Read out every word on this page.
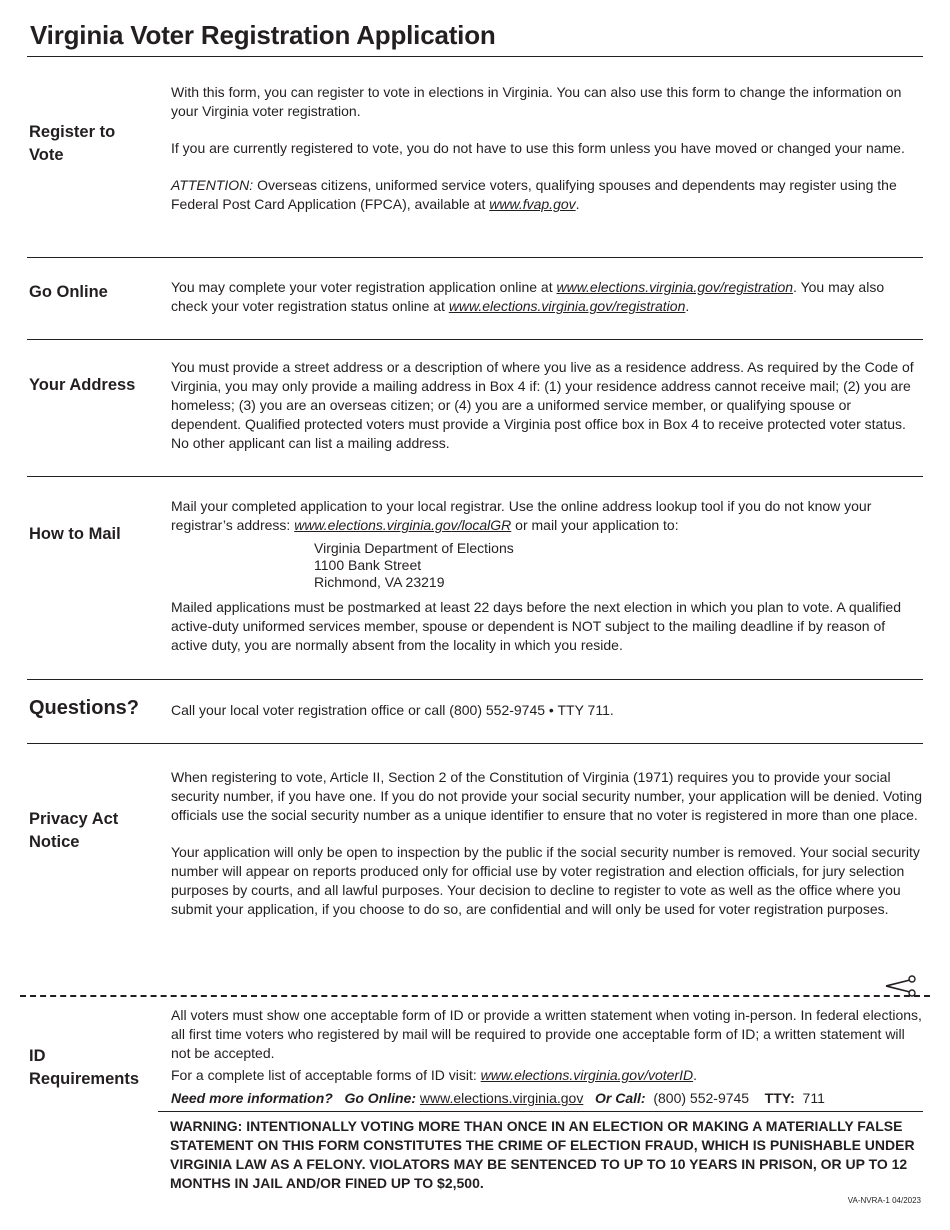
Virginia Voter Registration Application
Register to Vote

With this form, you can register to vote in elections in Virginia. You can also use this form to change the information on your Virginia voter registration.

If you are currently registered to vote, you do not have to use this form unless you have moved or changed your name.

ATTENTION: Overseas citizens, uniformed service voters, qualifying spouses and dependents may register using the Federal Post Card Application (FPCA), available at www.fvap.gov.

Go Online	You may complete your voter registration application online at www.elections.virginia.gov/registration. You may also check your voter registration status online at www.elections.virginia.gov/registration.

Your Address
You must provide a street address or a description of where you live as a residence address. As required by the Code of Virginia, you may only provide a mailing address in Box 4 if: (1) your residence address cannot receive mail; (2) you are homeless; (3) you are an overseas citizen; or (4) you are a uniformed service member, or qualifying spouse or dependent. Qualified protected voters must provide a Virginia post office box in Box 4 to receive protected voter status. No other applicant can list a mailing address.
How to Mail

Mail your completed application to your local registrar. Use the online address lookup tool if you do not know your registrar’s address: www.elections.virginia.gov/localGR or mail your application to:

Virginia Department of Elections
1100 Bank Street
Richmond, VA 23219
Mailed applications must be postmarked at least 22 days before the next election in which you plan to vote. A qualified active-duty uniformed services member, spouse or dependent is NOT subject to the mailing deadline if by reason of active duty, you are normally absent from the locality in which you reside.
Questions?	Call your local voter registration office or call (800) 552-9745 • TTY 711.
Privacy Act Notice

When registering to vote, Article II, Section 2 of the Constitution of Virginia (1971) requires you to provide your social security number, if you have one. If you do not provide your social security number, your application will be denied. Voting officials use the social security number as a unique identifier to ensure that no voter is registered in more than one place.

Your application will only be open to inspection by the public if the social security number is removed. Your social security number will appear on reports produced only for official use by voter registration and election officials, for jury selection purposes by courts, and all lawful purposes. Your decision to decline to register to vote as well as the office where you submit your application, if you choose to do so, are confidential and will only be used for voter registration purposes.

ID Requirements

All voters must show one acceptable form of ID or provide a written statement when voting in-person. In federal elections, all first time voters who registered by mail will be required to provide one acceptable form of ID; a written statement will not be accepted.

For a complete list of acceptable forms of ID visit: www.elections.virginia.gov/voterID.

Need more information? Go Online: www.elections.virginia.gov Or Call: (800) 552-9745 TTY: 711

WARNING: INTENTIONALLY VOTING MORE THAN ONCE IN AN ELECTION OR MAKING A MATERIALLY FALSE STATEMENT ON THIS FORM CONSTITUTES THE CRIME OF ELECTION FRAUD, WHICH IS PUNISHABLE UNDER VIRGINIA LAW AS A FELONY. VIOLATORS MAY BE SENTENCED TO UP TO 10 YEARS IN PRISON, OR UP TO 12 MONTHS IN JAIL AND/OR FINED UP TO $2,500.
VA-NVRA-1 04/2023
